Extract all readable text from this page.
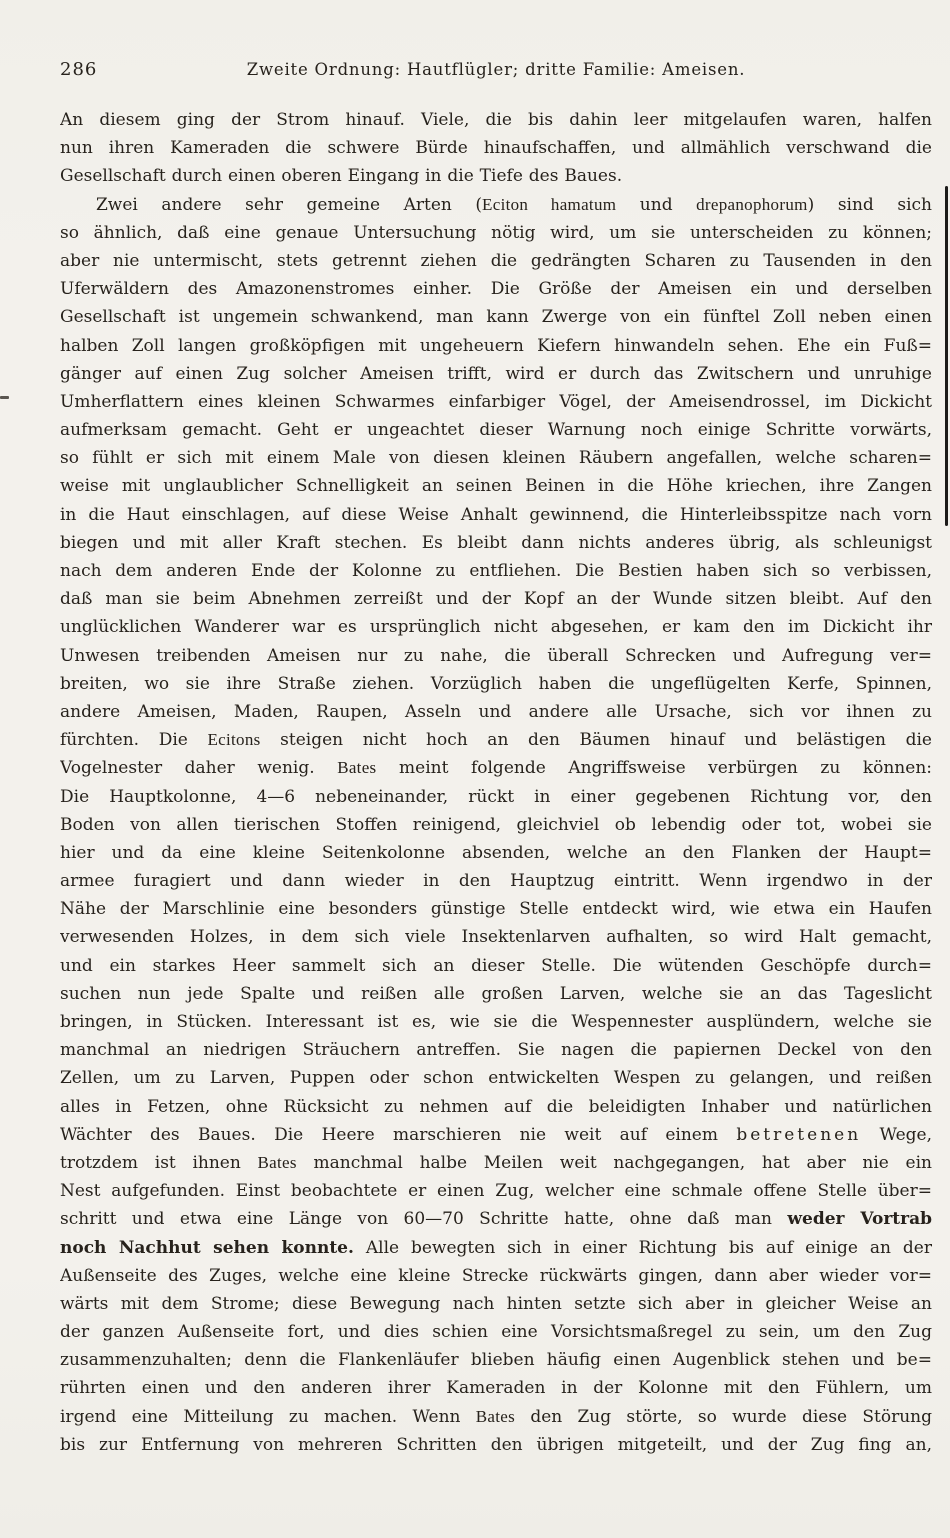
286	Zweite Ordnung: Hautflügler; dritte Familie: Ameisen.
An diesem ging der Strom hinauf. Viele, die bis dahin leer mitgelaufen waren, halfen
nun ihren Kameraden die schwere Bürde hinaufschaffen, und allmählich verschwand die
Gesellschaft durch einen oberen Eingang in die Tiefe des Baues.
Zwei andere sehr gemeine Arten (Eciton hamatum und drepanophorum) sind sich
so ähnlich, daß eine genaue Untersuchung nötig wird, um sie unterscheiden zu können;
aber nie untermischt, stets getrennt ziehen die gedrängten Scharen zu Tausenden in den
Uferwäldern des Amazonenstromes einher. Die Größe der Ameisen ein und derselben
Gesellschaft ist ungemein schwankend, man kann Zwerge von ein fünftel Zoll neben einen
halben Zoll langen großköpfigen mit ungeheuern Kiefern hinwandeln sehen. Ehe ein Fuß=
gänger auf einen Zug solcher Ameisen trifft, wird er durch das Zwitschern und unruhige
Umherflattern eines kleinen Schwarmes einfarbiger Vögel, der Ameisendrossel, im Dickicht
aufmerksam gemacht. Geht er ungeachtet dieser Warnung noch einige Schritte vorwärts,
so fühlt er sich mit einem Male von diesen kleinen Räubern angefallen, welche scharen=
weise mit unglaublicher Schnelligkeit an seinen Beinen in die Höhe kriechen, ihre Zangen
in die Haut einschlagen, auf diese Weise Anhalt gewinnend, die Hinterleibsspitze nach vorn
biegen und mit aller Kraft stechen. Es bleibt dann nichts anderes übrig, als schleunigst
nach dem anderen Ende der Kolonne zu entfliehen. Die Bestien haben sich so verbissen,
daß man sie beim Abnehmen zerreißt und der Kopf an der Wunde sitzen bleibt. Auf den
unglücklichen Wanderer war es ursprünglich nicht abgesehen, er kam den im Dickicht ihr
Unwesen treibenden Ameisen nur zu nahe, die überall Schrecken und Aufregung ver=
breiten, wo sie ihre Straße ziehen. Vorzüglich haben die ungeflügelten Kerfe, Spinnen,
andere Ameisen, Maden, Raupen, Asseln und andere alle Ursache, sich vor ihnen zu
fürchten. Die Ecitons steigen nicht hoch an den Bäumen hinauf und belästigen die
Vogelnester daher wenig. Bates meint folgende Angriffsweise verbürgen zu können:
Die Hauptkolonne, 4—6 nebeneinander, rückt in einer gegebenen Richtung vor, den
Boden von allen tierischen Stoffen reinigend, gleichviel ob lebendig oder tot, wobei sie
hier und da eine kleine Seitenkolonne absenden, welche an den Flanken der Haupt=
armee furagiert und dann wieder in den Hauptzug eintritt. Wenn irgendwo in der
Nähe der Marschlinie eine besonders günstige Stelle entdeckt wird, wie etwa ein Haufen
verwesenden Holzes, in dem sich viele Insektenlarven aufhalten, so wird Halt gemacht,
und ein starkes Heer sammelt sich an dieser Stelle. Die wütenden Geschöpfe durch=
suchen nun jede Spalte und reißen alle großen Larven, welche sie an das Tageslicht
bringen, in Stücken. Interessant ist es, wie sie die Wespennester ausplündern, welche sie
manchmal an niedrigen Sträuchern antreffen. Sie nagen die papiernen Deckel von den
Zellen, um zu Larven, Puppen oder schon entwickelten Wespen zu gelangen, und reißen
alles in Fetzen, ohne Rücksicht zu nehmen auf die beleidigten Inhaber und natürlichen
Wächter des Baues. Die Heere marschieren nie weit auf einem betretenen Wege,
trotzdem ist ihnen Bates manchmal halbe Meilen weit nachgegangen, hat aber nie ein
Nest aufgefunden. Einst beobachtete er einen Zug, welcher eine schmale offene Stelle über=
schritt und etwa eine Länge von 60—70 Schritte hatte, ohne daß man weder Vortrab
noch Nachhut sehen konnte. Alle bewegten sich in einer Richtung bis auf einige an der
Außenseite des Zuges, welche eine kleine Strecke rückwärts gingen, dann aber wieder vor=
wärts mit dem Strome; diese Bewegung nach hinten setzte sich aber in gleicher Weise an
der ganzen Außenseite fort, und dies schien eine Vorsichtsmaßregel zu sein, um den Zug
zusammenzuhalten; denn die Flankenläufer blieben häufig einen Augenblick stehen und be=
rührten einen und den anderen ihrer Kameraden in der Kolonne mit den Fühlern, um
irgend eine Mitteilung zu machen. Wenn Bates den Zug störte, so wurde diese Störung
bis zur Entfernung von mehreren Schritten den übrigen mitgeteilt, und der Zug fing an,
